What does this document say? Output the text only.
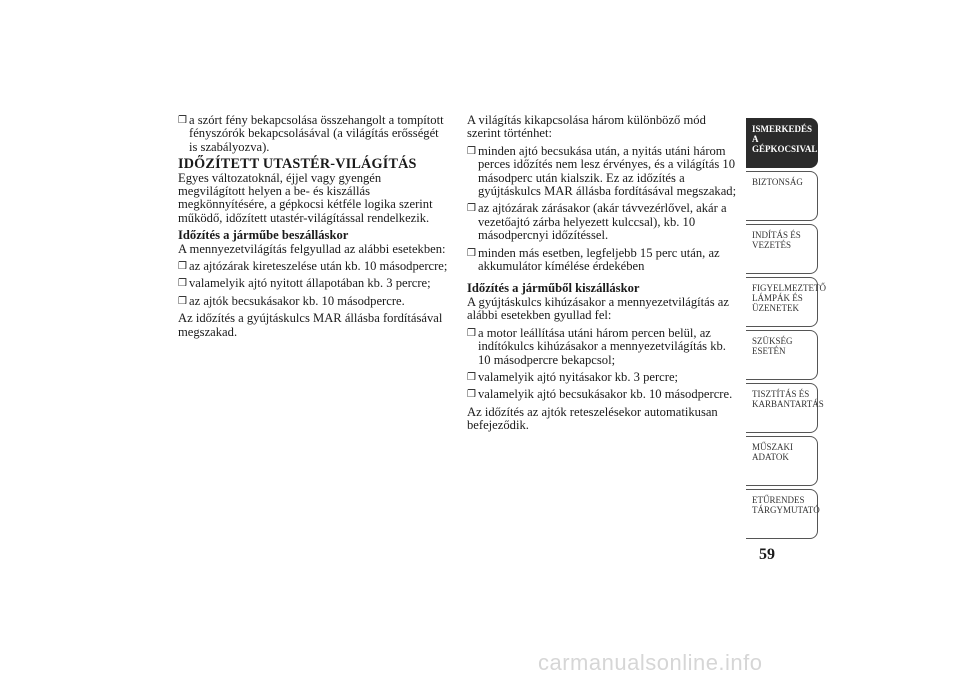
❒ a szórt fény bekapcsolása összehangolt a tompított fényszórók bekapcsolásával (a világítás erősségét is szabályozva).

IDŐZÍTETT UTASTÉR-VILÁGÍTÁS

Egyes változatoknál, éjjel vagy gyengén megvilágított helyen a be- és kiszállás megkönnyítésére, a gépkocsi kétféle logika szerint működő, időzített utastér-világítással rendelkezik.

Időzítés a járműbe beszálláskor

A mennyezetvilágítás felgyullad az alábbi esetekben:

❒ az ajtózárak kireteszelése után kb. 10 másodpercre;
❒ valamelyik ajtó nyitott állapotában kb. 3 percre;
❒ az ajtók becsukásakor kb. 10 másodpercre.

Az időzítés a gyújtáskulcs MAR állásba fordításával megszakad.

A világítás kikapcsolása három különböző mód szerint történhet:

❒ minden ajtó becsukása után, a nyitás utáni három perces időzítés nem lesz érvényes, és a világítás 10 másodperc után kialszik. Ez az időzítés a gyújtáskulcs MAR állásba fordításával megszakad;
❒ az ajtózárak zárásakor (akár távvezérlővel, akár a vezetőajtó zárba helyezett kulccsal), kb. 10 másodpercnyi időzítéssel.
❒ minden más esetben, legfeljebb 15 perc után, az akkumulátor kímélése érdekében

Időzítés a járműből kiszálláskor

A gyújtáskulcs kihúzásakor a mennyezetvilágítás az alábbi esetekben gyullad fel:

❒ a motor leállítása utáni három percen belül, az indítókulcs kihúzásakor a mennyezetvilágítás kb. 10 másodpercre bekapcsol;
❒ valamelyik ajtó nyitásakor kb. 3 percre;
❒ valamelyik ajtó becsukásakor kb. 10 másodpercre.

Az időzítés az ajtók reteszelésekor automatikusan befejeződik.

ISMERKEDÉS A GÉPKOCSIVAL
BIZTONSÁG
INDÍTÁS ÉS VEZETÉS
FIGYELMEZTETŐ LÁMPÁK ÉS ÜZENETEK
SZÜKSÉG ESETÉN
TISZTÍTÁS ÉS KARBANTARTÁS
MŰSZAKI ADATOK
ETŰRENDES TÁRGYMUTATÓ
59
carmanualsonline.info
